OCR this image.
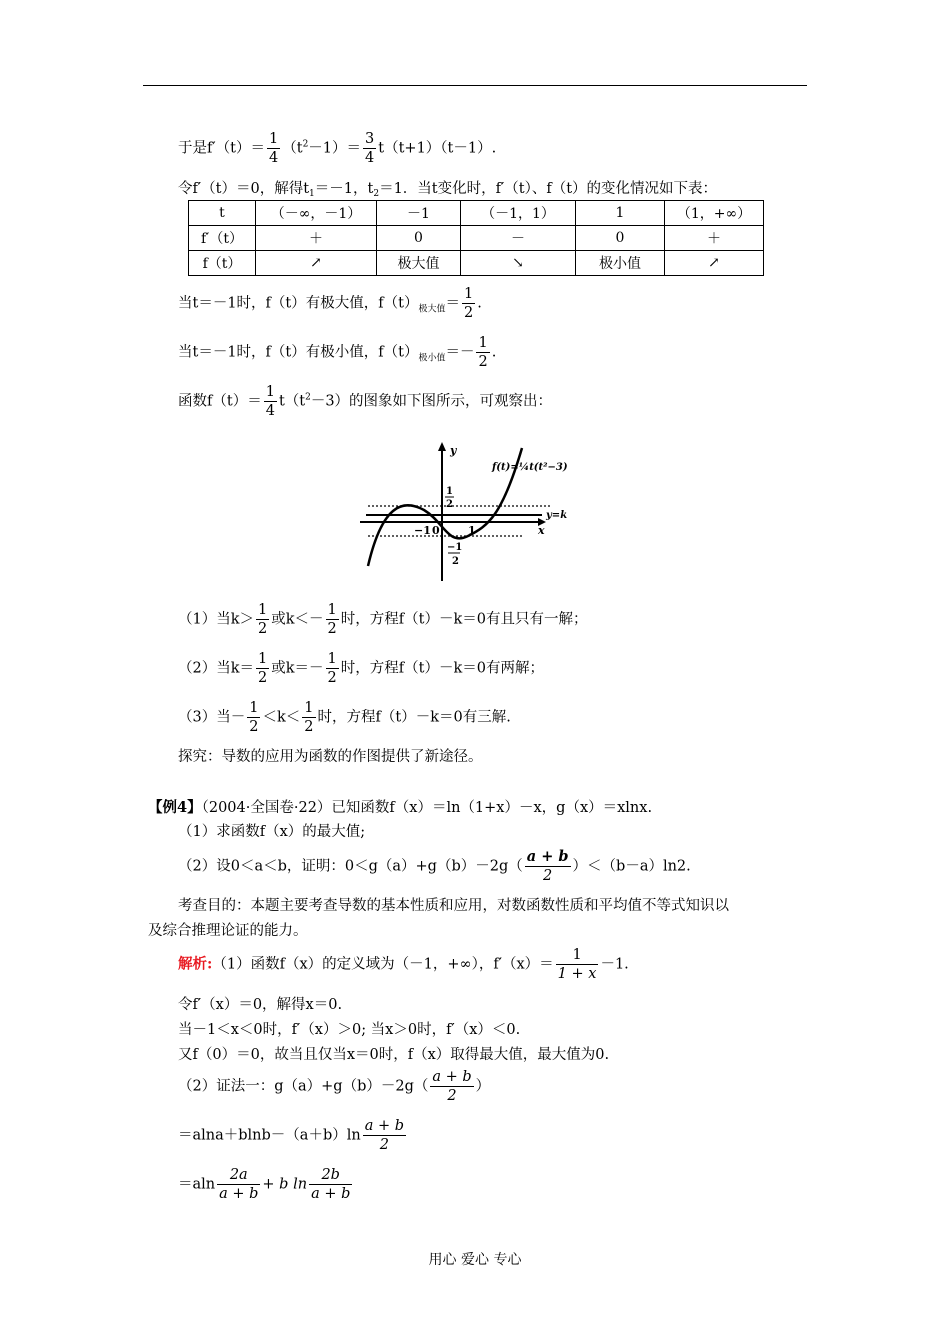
于是$f'(t)= \frac{1}{4} (t^2-1)= \frac{3}{4} t(t+1)(t-1)$.
令f′（t）＝0，解得$t_1=-1$，$t_2=1$．当t变化时，f′（t）、f（t）的变化情况如下表：
t	（－∞，－1）	－1	（－1，1）	1	（1，+∞）
f′（t）	＋	0	－	0	＋
f（t）	↗	极大值	↘	极小值	↗
当t＝－1时，f（t）有极大值，$f(t)_{极大值}= \frac{1}{2}$ .
当t＝－1时，f（t）有极小值，$f(t)_{极小值}=- \frac{1}{2}$ .
函数$f(t)= \frac{1}{4} t(t^2-3)$的图象如下图所示，可观察出：
y
x
f(t)=¼t(t²−3)
y=k
1
2
−1
2
−1 0	1
（1）当$k> \frac{1}{2}$ 或$k<- \frac{1}{2}$ 时，方程f（t）－k＝0有且只有一解；
（2）当$k= \frac{1}{2}$ 或$k=- \frac{1}{2}$ 时，方程f（t）－k＝0有两解；
（3）当－ $\frac{1}{2} <k< \frac{1}{2}$ 时，方程f（t）－k＝0有三解.
探究：导数的应用为函数的作图提供了新途径。
【例4】（2004·全国卷·22）已知函数f（x）＝ln（1+x）－x，g（x）＝xlnx.
（1）求函数f（x）的最大值;
（2）设0＜a＜b，证明：$0<g(a)+g(b)-2g( \frac{a + b}{2} )<(b-a)\ln 2$.
考查目的：本题主要考查导数的基本性质和应用，对数函数性质和平均值不等式知识以
及综合推理论证的能力。
解析:（1）函数f（x）的定义域为（－1，+∞），$f'(x)= \frac{1}{1 + x} -1$.
令f′（x）＝0，解得x＝0.
当－1＜x＜0时，f′（x）＞0; 当x＞0时，f′（x）＜0.
又f（0）＝0，故当且仅当x＝0时，f（x）取得最大值，最大值为0.
（2）证法一：$g(a)+g(b)-2g( \frac{a + b}{2}$ ）
$=alna+blnb-(a+b)\ln \frac{a + b}{2}$
$=aln \frac{2a}{a + b} + b$ $\ln \frac{2b}{a + b}$
用心 爱心 专心
